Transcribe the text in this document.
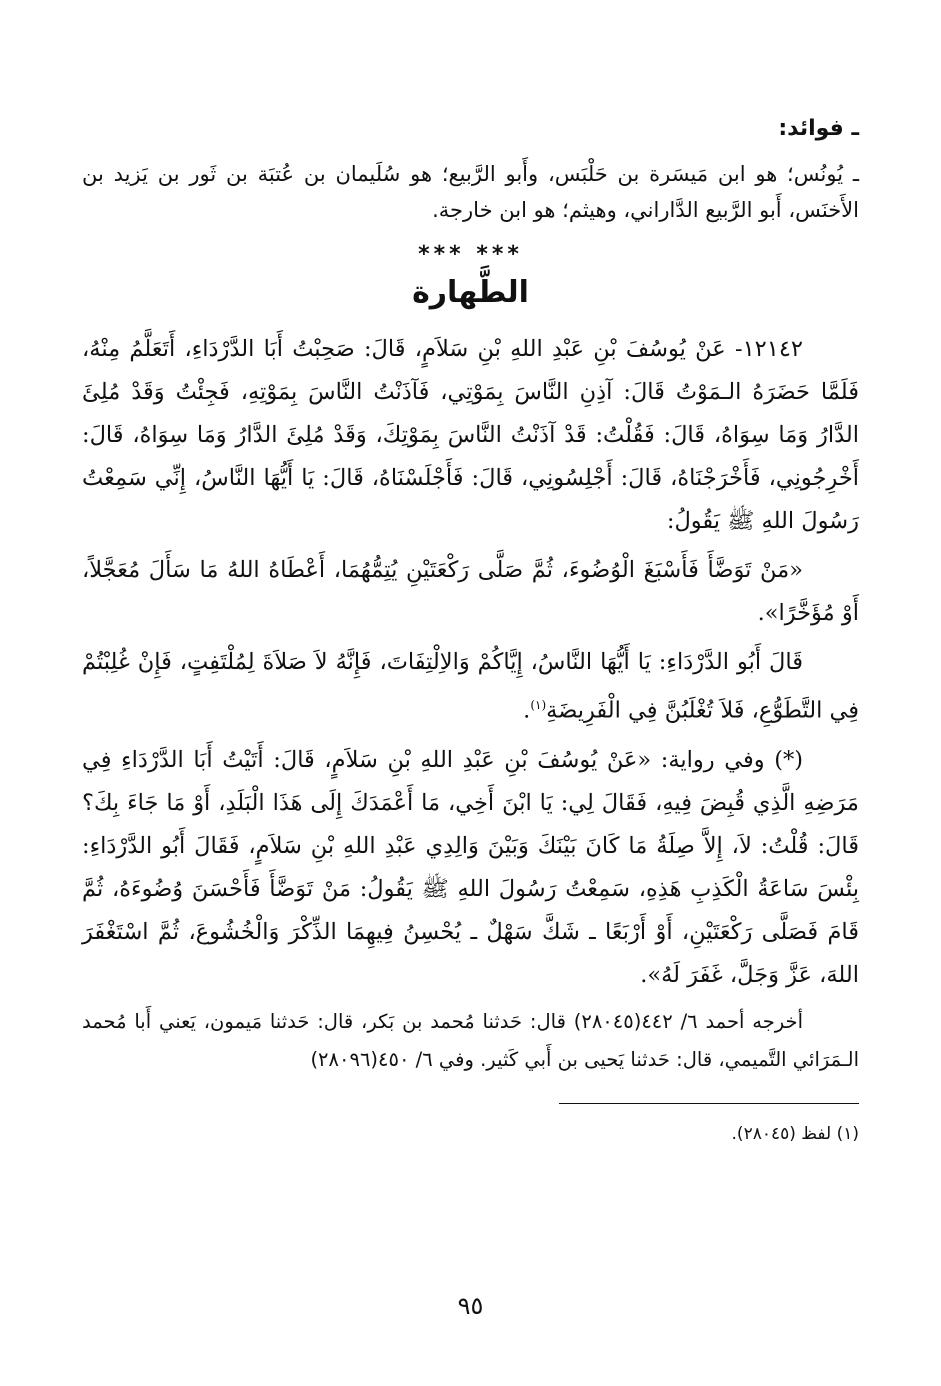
ـ فوائد:

ـ يُونُس؛ هو ابن مَيسَرة بن حَلْبَس، وأَبو الرَّبيع؛ هو سُلَيمان بن عُتبَة بن ثَور بن يَزيد بن الأَخنَس، أَبو الرَّبيع الدَّاراني، وهيثم؛ هو ابن خارجة.

*** ***
الطَّهارة

١٢١٤٢- عَنْ يُوسُفَ بْنِ عَبْدِ اللهِ بْنِ سَلاَمٍ، قَالَ: صَحِبْتُ أَبَا الدَّرْدَاءِ، أَتَعَلَّمُ مِنْهُ، فَلَمَّا حَضَرَهُ الـمَوْتُ قَالَ: آذِنِ النَّاسَ بِمَوْتِي، فَآذَنْتُ النَّاسَ بِمَوْتِهِ، فَجِئْتُ وَقَدْ مُلِئَ الدَّارُ وَمَا سِوَاهُ، قَالَ: فَقُلْتُ: قَدْ آذَنْتُ النَّاسَ بِمَوْتِكَ، وَقَدْ مُلِئَ الدَّارُ وَمَا سِوَاهُ، قَالَ: أَخْرِجُونِي، فَأَخْرَجْنَاهُ، قَالَ: أَجْلِسُونِي، قَالَ: فَأَجْلَسْنَاهُ، قَالَ: يَا أَيُّهَا النَّاسُ، إِنِّي سَمِعْتُ رَسُولَ اللهِ ﷺ يَقُولُ:

«مَنْ تَوَضَّأَ فَأَسْبَغَ الْوُضُوءَ، ثُمَّ صَلَّى رَكْعَتَيْنِ يُتِمُّهُمَا، أَعْطَاهُ اللهُ مَا سَأَلَ مُعَجَّلاً، أَوْ مُؤَخَّرًا».

قَالَ أَبُو الدَّرْدَاءِ: يَا أَيُّهَا النَّاسُ، إِيَّاكُمْ وَالاِلْتِفَاتَ، فَإِنَّهُ لاَ صَلاَةَ لِمُلْتَفِتٍ، فَإِنْ غُلِبْتُمْ فِي التَّطَوُّعِ، فَلاَ تُغْلَبُنَّ فِي الْفَرِيضَةِ$^{(١)}$.

(*) وفي رواية: «عَنْ يُوسُفَ بْنِ عَبْدِ اللهِ بْنِ سَلاَمٍ، قَالَ: أَتَيْتُ أَبَا الدَّرْدَاءِ فِي مَرَضِهِ الَّذِي قُبِضَ فِيهِ، فَقَالَ لِي: يَا ابْنَ أَخِي، مَا أَعْمَدَكَ إِلَى هَذَا الْبَلَدِ، أَوْ مَا جَاءَ بِكَ؟ قَالَ: قُلْتُ: لاَ، إِلاَّ صِلَةُ مَا كَانَ بَيْنَكَ وَبَيْنَ وَالِدِي عَبْدِ اللهِ بْنِ سَلاَمٍ، فَقَالَ أَبُو الدَّرْدَاءِ: بِئْسَ سَاعَةُ الْكَذِبِ هَذِهِ، سَمِعْتُ رَسُولَ اللهِ ﷺ يَقُولُ: مَنْ تَوَضَّأَ فَأَحْسَنَ وُضُوءَهُ، ثُمَّ قَامَ فَصَلَّى رَكْعَتَيْنِ، أَوْ أَرْبَعًا ـ شَكَّ سَهْلٌ ـ يُحْسِنُ فِيهِمَا الذِّكْرَ وَالْخُشُوعَ، ثُمَّ اسْتَغْفَرَ اللهَ، عَزَّ وَجَلَّ، غَفَرَ لَهُ».

أخرجه أحمد ٦/ ٤٤٢(٢٨٠٤٥) قال: حَدثنا مُحمد بن بَكر، قال: حَدثنا مَيمون، يَعني أَبا مُحمد الـمَرَائي التَّميمي، قال: حَدثنا يَحيى بن أَبي كَثير. وفي ٦/ ٤٥٠(٢٨٠٩٦)

(١) لفظ (٢٨٠٤٥).

٩٥
